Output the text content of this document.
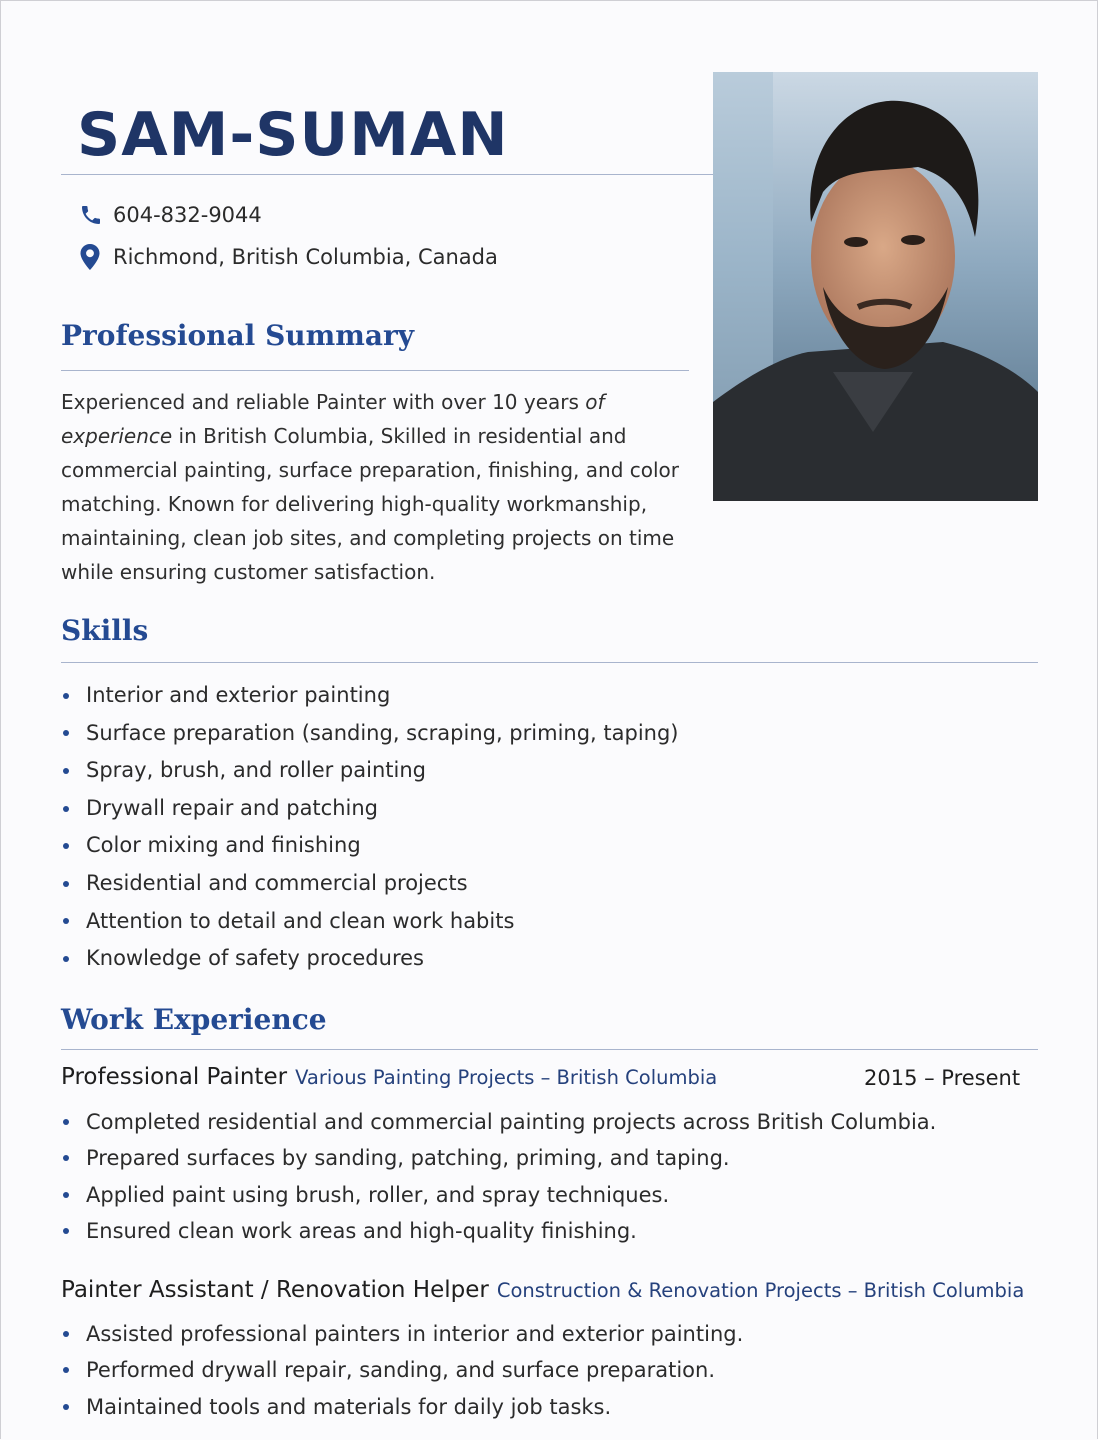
SAM-SUMAN
604-832-9044
Richmond, British Columbia, Canada
Professional Summary

Experienced and reliable Painter with over 10 years of experience in British Columbia, Skilled in residential and commercial painting, surface preparation, finishing, and color matching. Known for delivering high-quality workmanship, maintaining, clean job sites, and completing projects on time while ensuring customer satisfaction.

Skills
Interior and exterior painting
Surface preparation (sanding, scraping, priming, taping)
Spray, brush, and roller painting
Drywall repair and patching
Color mixing and finishing
Residential and commercial projects
Attention to detail and clean work habits
Knowledge of safety procedures
Work Experience
Professional Painter Various Painting Projects – British Columbia	2015 – Present
Completed residential and commercial painting projects across British Columbia.
Prepared surfaces by sanding, patching, priming, and taping.
Applied paint using brush, roller, and spray techniques.
Ensured clean work areas and high-quality finishing.
Painter Assistant / Renovation Helper Construction & Renovation Projects – British Columbia
Assisted professional painters in interior and exterior painting.
Performed drywall repair, sanding, and surface preparation.
Maintained tools and materials for daily job tasks.
